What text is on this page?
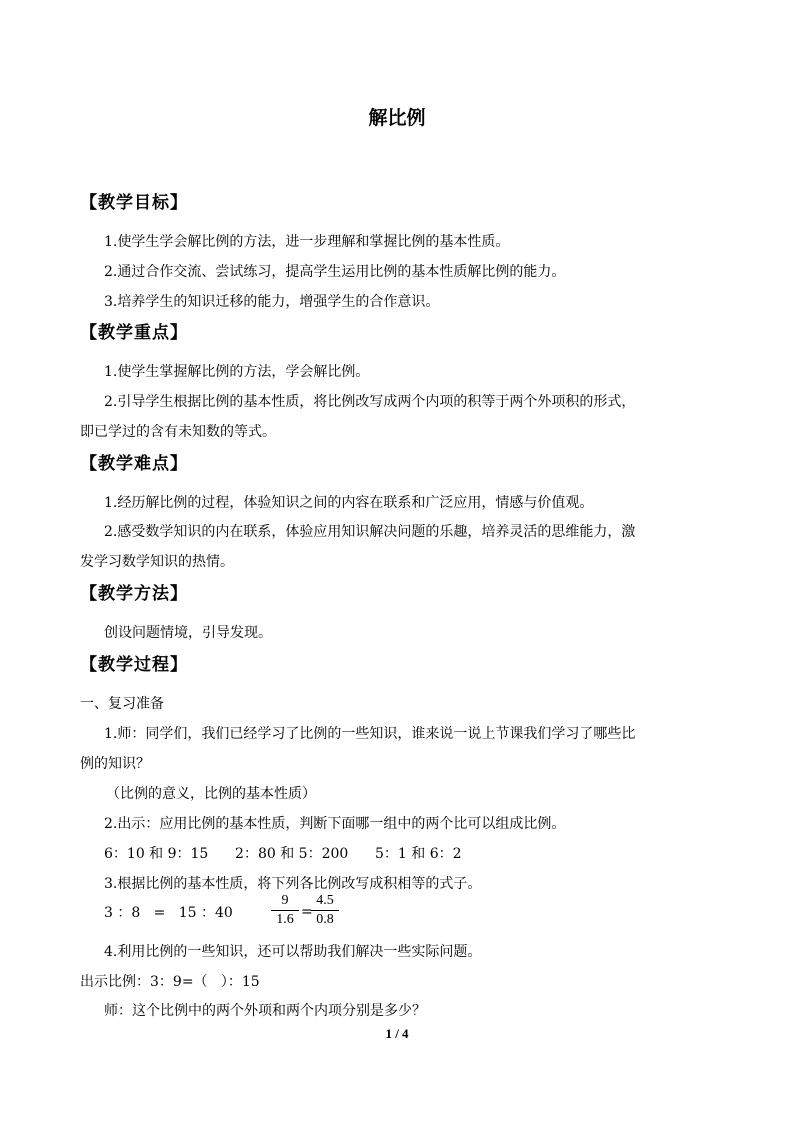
解比例
【教学目标】
1.使学生学会解比例的方法，进一步理解和掌握比例的基本性质。
2.通过合作交流、尝试练习，提高学生运用比例的基本性质解比例的能力。
3.培养学生的知识迁移的能力，增强学生的合作意识。
【教学重点】
1.使学生掌握解比例的方法，学会解比例。
2.引导学生根据比例的基本性质，将比例改写成两个内项的积等于两个外项积的形式，
即已学过的含有未知数的等式。
【教学难点】
1.经历解比例的过程，体验知识之间的内容在联系和广泛应用，情感与价值观。
2.感受数学知识的内在联系，体验应用知识解决问题的乐趣，培养灵活的思维能力，激
发学习数学知识的热情。
【教学方法】
创设问题情境，引导发现。
【教学过程】
一、复习准备
1.师：同学们，我们已经学习了比例的一些知识，谁来说一说上节课我们学习了哪些比
例的知识？
（比例的意义，比例的基本性质）
2.出示：应用比例的基本性质，判断下面哪一组中的两个比可以组成比例。
6：10 和 9：15      2：80 和 5：200      5：1 和 6：2
3.根据比例的基本性质，将下列各比例改写成积相等的式子。
3 ：8   =   15 ：40	$\frac{9}{1.6}$ =
$\frac{4.5}{0.8}$
4.利用比例的一些知识，还可以帮助我们解决一些实际问题。
出示比例：3：9=（   ）：15
师：这个比例中的两个外项和两个内项分别是多少？
1 / 4
